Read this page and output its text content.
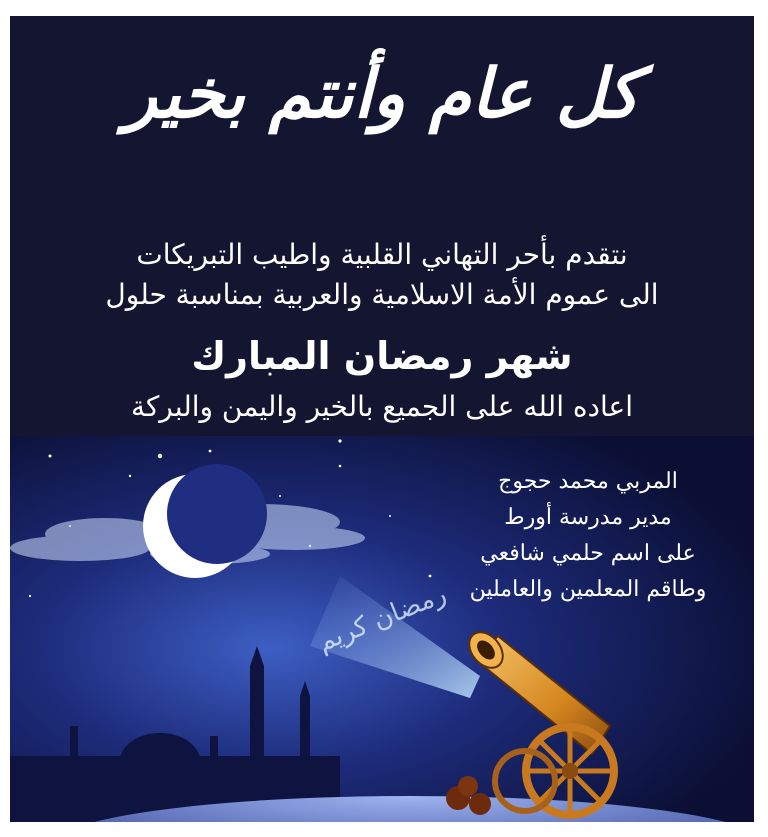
كل عام وأنتم بخير
نتقدم بأحر التهاني القلبية واطيب التبريكات
الى عموم الأمة الاسلامية والعربية بمناسبة حلول
شهر رمضان المبارك
اعاده الله على الجميع بالخير واليمن والبركة
رمضان كريم
المربي محمد حجوج
مدير مدرسة أورط
على اسم حلمي شافعي
وطاقم المعلمين والعاملين
